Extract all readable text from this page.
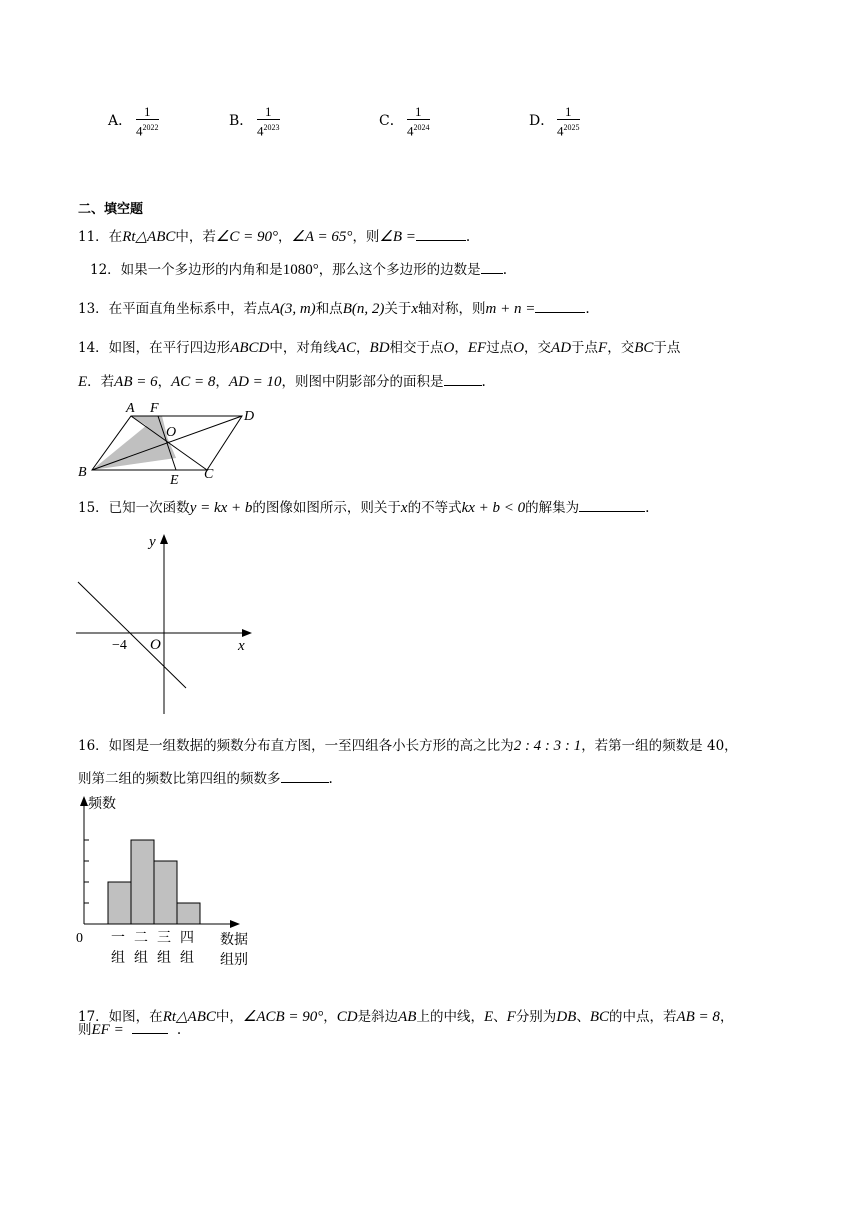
A．
1
$4^{2022}$	B．
1
$4^{2023}$	C．
1
$4^{2024}$	D．
1
$4^{2025}$
二、填空题
11．在Rt△ABC中，若∠C = 90°，∠A = 65°，则∠B =	.
12．如果一个多边形的内角和是1080°，那么这个多边形的边数是 .
13．在平面直角坐标系中，若点A(3, m)和点B(n, 2)关于x轴对称，则m + n =	.
14．如图，在平行四边形ABCD中，对角线AC，BD相交于点O，EF过点O，交AD于点F，交BC于点
E．若AB = 6，AC = 8，AD = 10，则图中阴影部分的面积是	.
A F
D
O
B
E C
15．已知一次函数y = kx + b的图像如图所示，则关于x的不等式kx + b < 0的解集为	.
y
x
O
−4
16．如图是一组数据的频数分布直方图，一至四组各小长方形的高之比为2 : 4 : 3 : 1，若第一组的频数是 40，
则第二组的频数比第四组的频数多	.
频数
0 一
组
二
组
三
组
四
组
数据
组别
17．如图，在Rt△ABC中，∠ACB = 90°，CD是斜边AB上的中线，E、F分别为DB、BC的中点，若AB = 8，
则EF =	.
